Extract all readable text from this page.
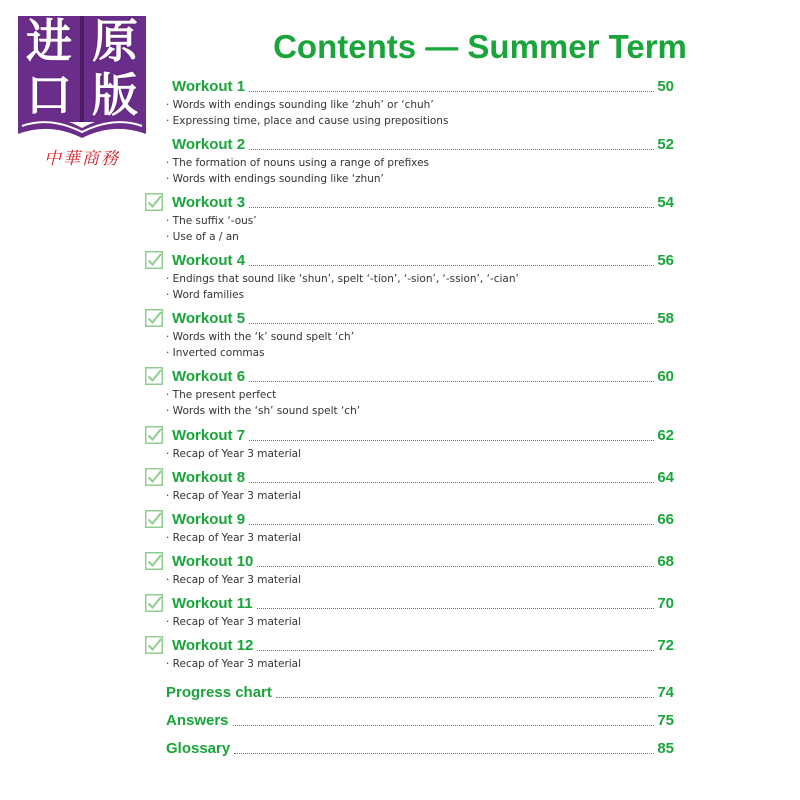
进 原
口 版
中華商務
Contents — Summer Term
Workout 1	50
· Words with endings sounding like ‘zhuh’ or ‘chuh’
· Expressing time, place and cause using prepositions
Workout 2	52
· The formation of nouns using a range of prefixes
· Words with endings sounding like ‘zhun’
Workout 3	54
· The suffix ‘-ous’
· Use of a / an
Workout 4	56
· Endings that sound like ‘shun’, spelt ‘-tion’, ‘-sion’, ‘-ssion’, ‘-cian’
· Word families
Workout 5	58
· Words with the ‘k’ sound spelt ‘ch’
· Inverted commas
Workout 6	60
· The present perfect
· Words with the ‘sh’ sound spelt ‘ch’
Workout 7	62
· Recap of Year 3 material
Workout 8	64
· Recap of Year 3 material
Workout 9	66
· Recap of Year 3 material
Workout 10	68
· Recap of Year 3 material
Workout 11	70
· Recap of Year 3 material
Workout 12	72
· Recap of Year 3 material
Progress chart	74
Answers	75
Glossary	85
